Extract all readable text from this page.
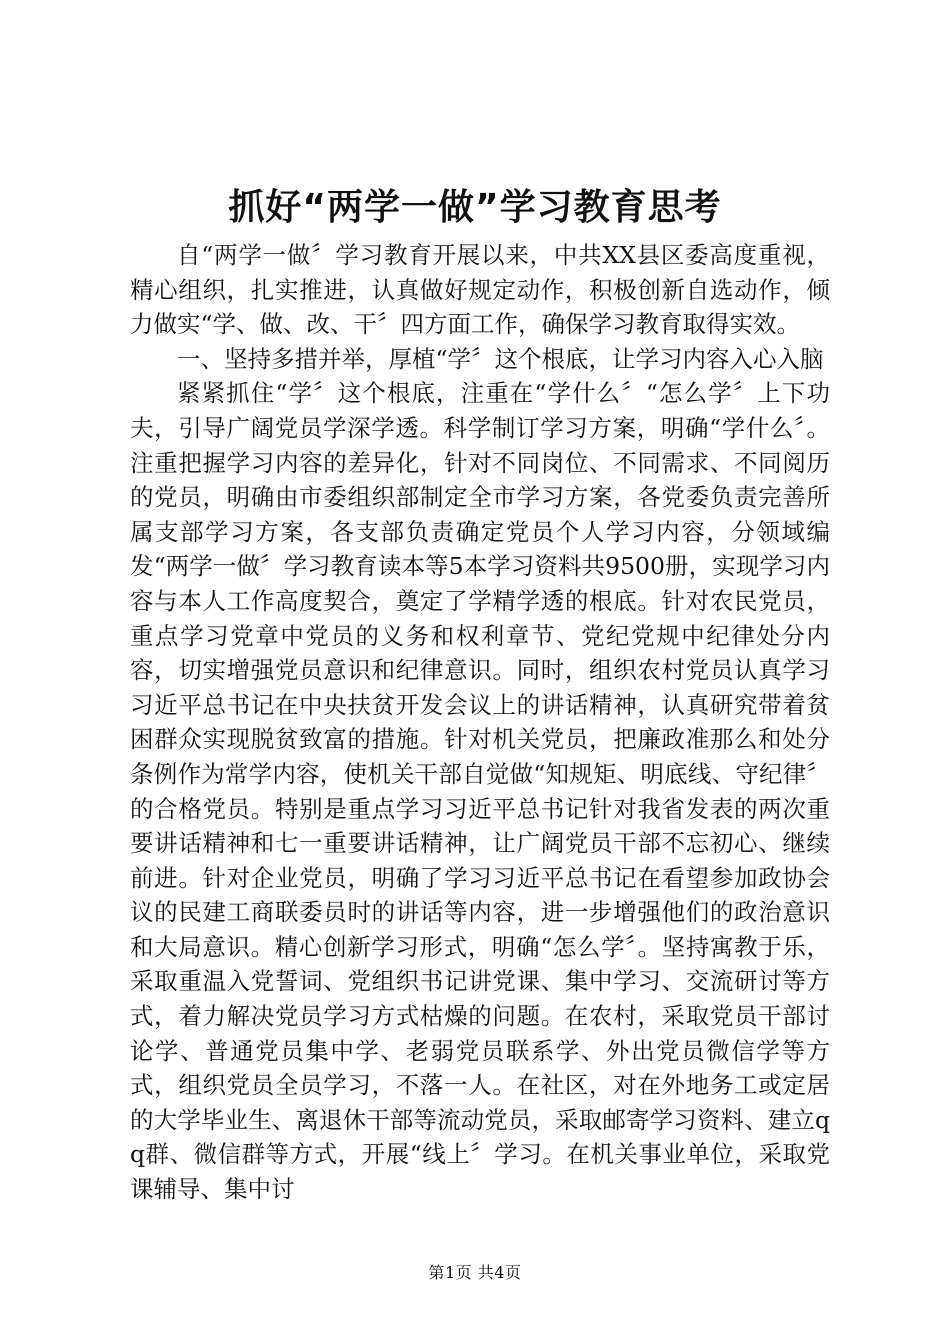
抓好“两学一做”学习教育思考

自“两学一做〞学习教育开展以来，中共XX县区委高度重视，精心组织，扎实推进，认真做好规定动作，积极创新自选动作，倾力做实“学、做、改、干〞四方面工作，确保学习教育取得实效。

一、坚持多措并举，厚植“学〞这个根底，让学习内容入心入脑

紧紧抓住“学〞这个根底，注重在“学什么〞“怎么学〞上下功夫，引导广阔党员学深学透。科学制订学习方案，明确“学什么〞。注重把握学习内容的差异化，针对不同岗位、不同需求、不同阅历的党员，明确由市委组织部制定全市学习方案，各党委负责完善所属支部学习方案，各支部负责确定党员个人学习内容，分领域编发“两学一做〞学习教育读本等5本学习资料共9500册，实现学习内容与本人工作高度契合，奠定了学精学透的根底。针对农民党员，重点学习党章中党员的义务和权利章节、党纪党规中纪律处分内容，切实增强党员意识和纪律意识。同时，组织农村党员认真学习习近平总书记在中央扶贫开发会议上的讲话精神，认真研究带着贫困群众实现脱贫致富的措施。针对机关党员，把廉政准那么和处分条例作为常学内容，使机关干部自觉做“知规矩、明底线、守纪律〞的合格党员。特别是重点学习习近平总书记针对我省发表的两次重要讲话精神和七一重要讲话精神，让广阔党员干部不忘初心、继续前进。针对企业党员，明确了学习习近平总书记在看望参加政协会议的民建工商联委员时的讲话等内容，进一步增强他们的政治意识和大局意识。精心创新学习形式，明确“怎么学〞。坚持寓教于乐，采取重温入党誓词、党组织书记讲党课、集中学习、交流研讨等方式，着力解决党员学习方式枯燥的问题。在农村，采取党员干部讨论学、普通党员集中学、老弱党员联系学、外出党员微信学等方式，组织党员全员学习，不落一人。在社区，对在外地务工或定居的大学毕业生、离退休干部等流动党员，采取邮寄学习资料、建立qq群、微信群等方式，开展“线上〞学习。在机关事业单位，采取党课辅导、集中讨

第1页 共4页
